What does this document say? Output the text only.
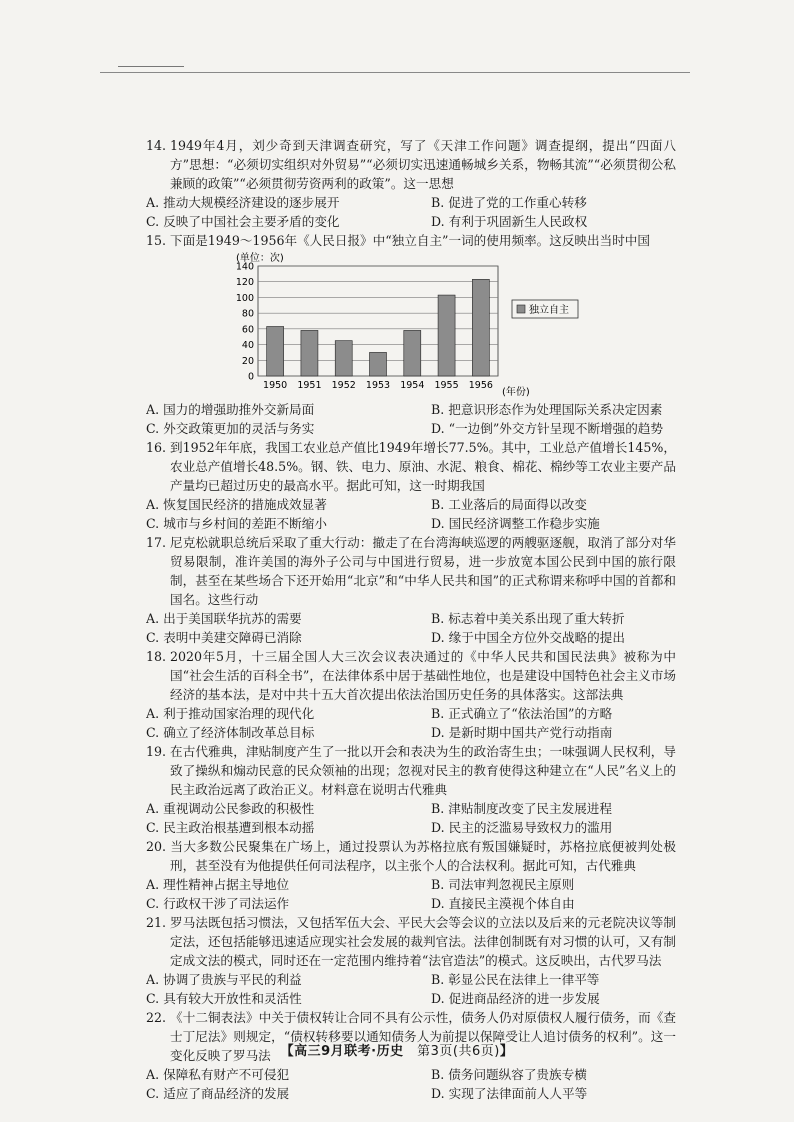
14. 1949年4月，刘少奇到天津调查研究，写了《天津工作问题》调查提纲，提出“四面八方”思想：“必须切实组织对外贸易”“必须切实迅速通畅城乡关系，物畅其流”“必须贯彻公私兼顾的政策”“必须贯彻劳资两利的政策”。这一思想

A. 推动大规模经济建设的逐步展开	B. 促进了党的工作重心转移
C. 反映了中国社会主要矛盾的变化	D. 有利于巩固新生人民政权

15. 下面是1949～1956年《人民日报》中“独立自主”一词的使用频率。这反映出当时中国

(单位：次)
0
20
40
60
80
100
120
140
1950 1951 1952 1953 1954 1955 1956
(年份)
独立自主
A. 国力的增强助推外交新局面	B. 把意识形态作为处理国际关系决定因素
C. 外交政策更加的灵活与务实	D. “一边倒”外交方针呈现不断增强的趋势

16. 到1952年年底，我国工农业总产值比1949年增长77.5%。其中，工业总产值增长145%，农业总产值增长48.5%。钢、铁、电力、原油、水泥、粮食、棉花、棉纱等工农业主要产品产量均已超过历史的最高水平。据此可知，这一时期我国

A. 恢复国民经济的措施成效显著	B. 工业落后的局面得以改变
C. 城市与乡村间的差距不断缩小	D. 国民经济调整工作稳步实施

17. 尼克松就职总统后采取了重大行动：撤走了在台湾海峡巡逻的两艘驱逐舰，取消了部分对华贸易限制，准许美国的海外子公司与中国进行贸易，进一步放宽本国公民到中国的旅行限制，甚至在某些场合下还开始用“北京”和“中华人民共和国”的正式称谓来称呼中国的首都和国名。这些行动

A. 出于美国联华抗苏的需要	B. 标志着中美关系出现了重大转折
C. 表明中美建交障碍已消除	D. 缘于中国全方位外交战略的提出

18. 2020年5月，十三届全国人大三次会议表决通过的《中华人民共和国民法典》被称为中国“社会生活的百科全书”，在法律体系中居于基础性地位，也是建设中国特色社会主义市场经济的基本法，是对中共十五大首次提出依法治国历史任务的具体落实。这部法典

A. 利于推动国家治理的现代化	B. 正式确立了“依法治国”的方略
C. 确立了经济体制改革总目标	D. 是新时期中国共产党行动指南

19. 在古代雅典，津贴制度产生了一批以开会和表决为生的政治寄生虫；一味强调人民权利，导致了操纵和煽动民意的民众领袖的出现；忽视对民主的教育使得这种建立在“人民”名义上的民主政治远离了政治正义。材料意在说明古代雅典

A. 重视调动公民参政的积极性	B. 津贴制度改变了民主发展进程
C. 民主政治根基遭到根本动摇	D. 民主的泛滥易导致权力的滥用

20. 当大多数公民聚集在广场上，通过投票认为苏格拉底有叛国嫌疑时，苏格拉底便被判处极刑，甚至没有为他提供任何司法程序，以主张个人的合法权利。据此可知，古代雅典

A. 理性精神占据主导地位	B. 司法审判忽视民主原则
C. 行政权干涉了司法运作	D. 直接民主漠视个体自由

21. 罗马法既包括习惯法，又包括军伍大会、平民大会等会议的立法以及后来的元老院决议等制定法，还包括能够迅速适应现实社会发展的裁判官法。法律创制既有对习惯的认可，又有制定成文法的模式，同时还在一定范围内维持着“法官造法”的模式。这反映出，古代罗马法

A. 协调了贵族与平民的利益	B. 彰显公民在法律上一律平等
C. 具有较大开放性和灵活性	D. 促进商品经济的进一步发展

22. 《十二铜表法》中关于债权转让合同不具有公示性，债务人仍对原债权人履行债务，而《查士丁尼法》则规定，“债权转移要以通知债务人为前提以保障受让人追讨债务的权利”。这一变化反映了罗马法

A. 保障私有财产不可侵犯	B. 债务问题纵容了贵族专横
C. 适应了商品经济的发展	D. 实现了法律面前人人平等
【高三9月联考·历史　第3页(共6页)】
